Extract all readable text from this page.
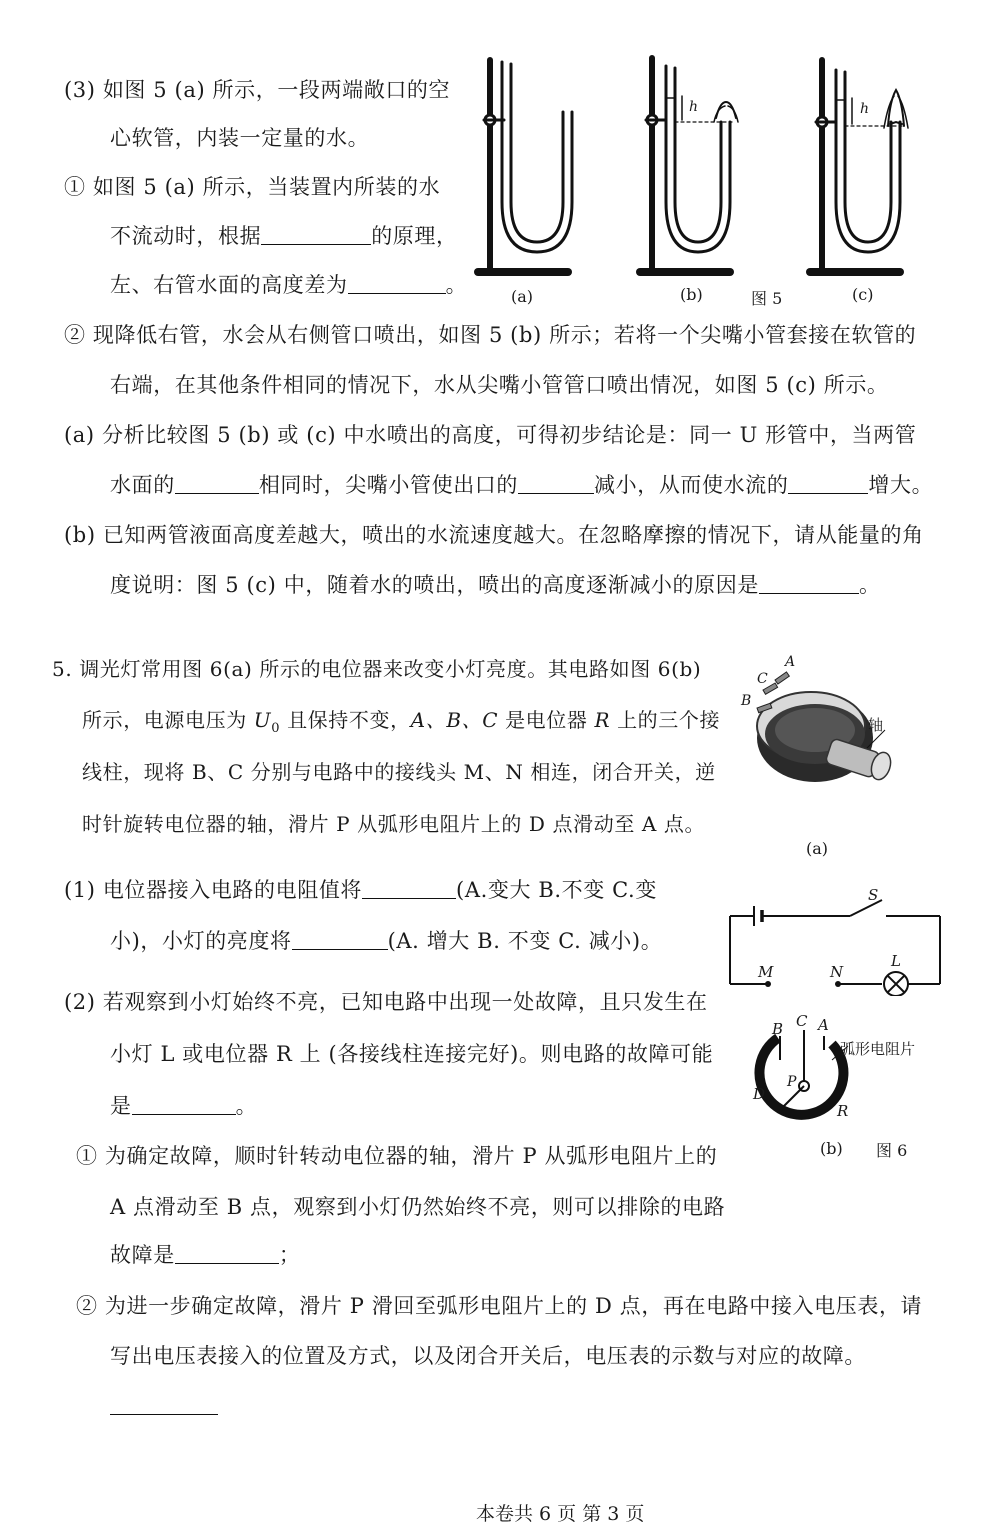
(3) 如图 5 (a) 所示，一段两端敞口的空
心软管，内装一定量的水。
① 如图 5 (a) 所示，当装置内所装的水
不流动时，根据	的原理，
左、右管水面的高度差为	。
② 现降低右管，水会从右侧管口喷出，如图 5 (b) 所示；若将一个尖嘴小管套接在软管的
右端，在其他条件相同的情况下，水从尖嘴小管管口喷出情况，如图 5 (c) 所示。
(a) 分析比较图 5 (b) 或 (c) 中水喷出的高度，可得初步结论是：同一 U 形管中，当两管
水面的	相同时，尖嘴小管使出口的	减小，从而使水流的	增大。
(b) 已知两管液面高度差越大，喷出的水流速度越大。在忽略摩擦的情况下，请从能量的角
度说明：图 5 (c) 中，随着水的喷出，喷出的高度逐渐减小的原因是	。
h	h
(a)	(b)	图 5	(c)
5. 调光灯常用图 6(a) 所示的电位器来改变小灯亮度。其电路如图 6(b)
所示，电源电压为 $U_0$ 且保持不变，A、B、C 是电位器 R 上的三个接
线柱，现将 B、C 分别与电路中的接线头 M、N 相连，闭合开关，逆
时针旋转电位器的轴，滑片 P 从弧形电阻片上的 D 点滑动至 A 点。
(1) 电位器接入电路的电阻值将	(A.变大 B.不变 C.变
小)，小灯的亮度将	(A. 增大 B. 不变 C. 减小)。
(2) 若观察到小灯始终不亮，已知电路中出现一处故障，且只发生在
小灯 L 或电位器 R 上 (各接线柱连接完好)。则电路的故障可能
是	。
① 为确定故障，顺时针转动电位器的轴，滑片 P 从弧形电阻片上的
A 点滑动至 B 点，观察到小灯仍然始终不亮，则可以排除的电路
故障是	；
② 为进一步确定故障，滑片 P 滑回至弧形电阻片上的 D 点，再在电路中接入电压表，请
写出电压表接入的位置及方式，以及闭合开关后，电压表的示数与对应的故障。
A
C
B
轴
(a)
S
M	N
L
B C A
弧形电阻片
D
P
R
(b) 图 6
本卷共 6 页 第 3 页
